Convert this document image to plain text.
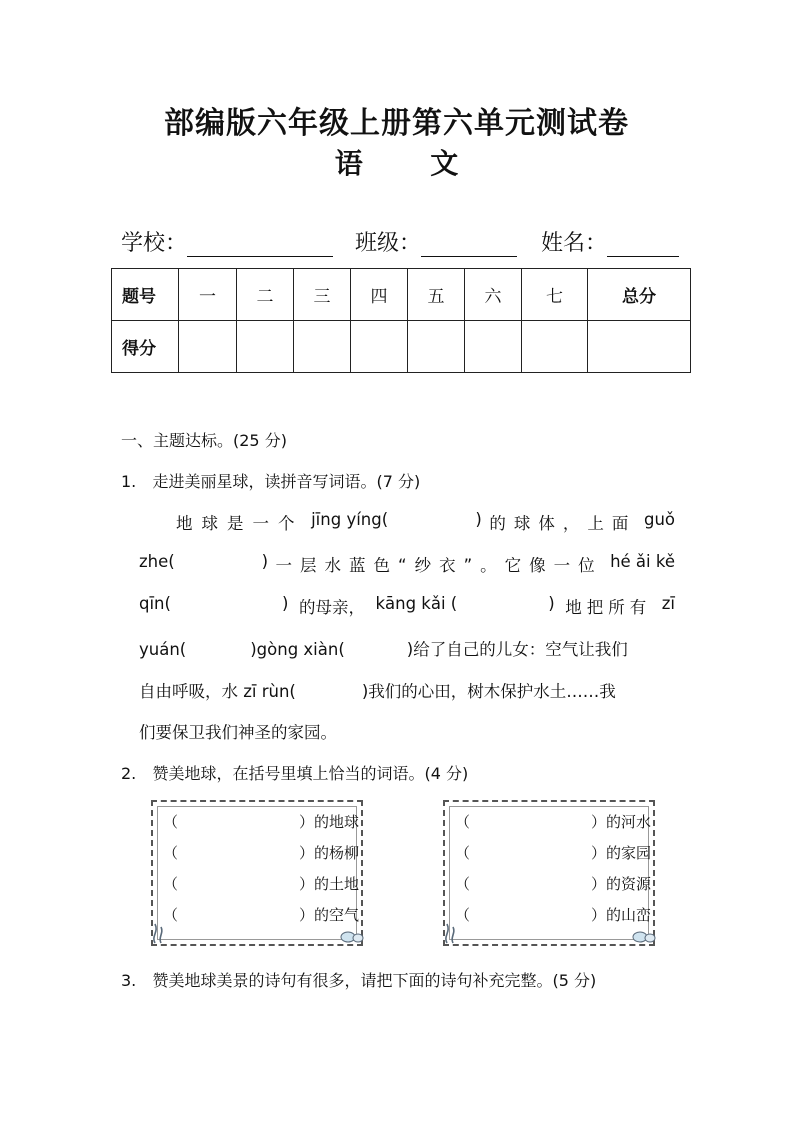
部编版六年级上册第六单元测试卷
语 文
学校：	班级：	姓名：
题号	一	二	三	四	五	六	七	总分
得分								
一、主题达标。(25 分)
1. 走进美丽星球，读拼音写词语。(7 分)
地球是一个 jīng yíng(	) 的球体，上面 guǒ
zhe(	) 一层水蓝色“纱衣”。它像一位 hé ǎi kě
qīn(	) 的母亲， kāng kǎi (	) 地把所有 zī
yuán(	)gòng xiàn(	)给了自己的儿女：空气让我们
自由呼吸，水 zī rùn(	)我们的心田，树木保护水土……我
们要保卫我们神圣的家园。
2. 赞美地球，在括号里填上恰当的词语。(4 分)
（	）的地球
（	）的杨柳
（	）的土地
（	）的空气
（	）的河水
（	）的家园
（	）的资源
（	）的山峦
3. 赞美地球美景的诗句有很多，请把下面的诗句补充完整。(5 分)
